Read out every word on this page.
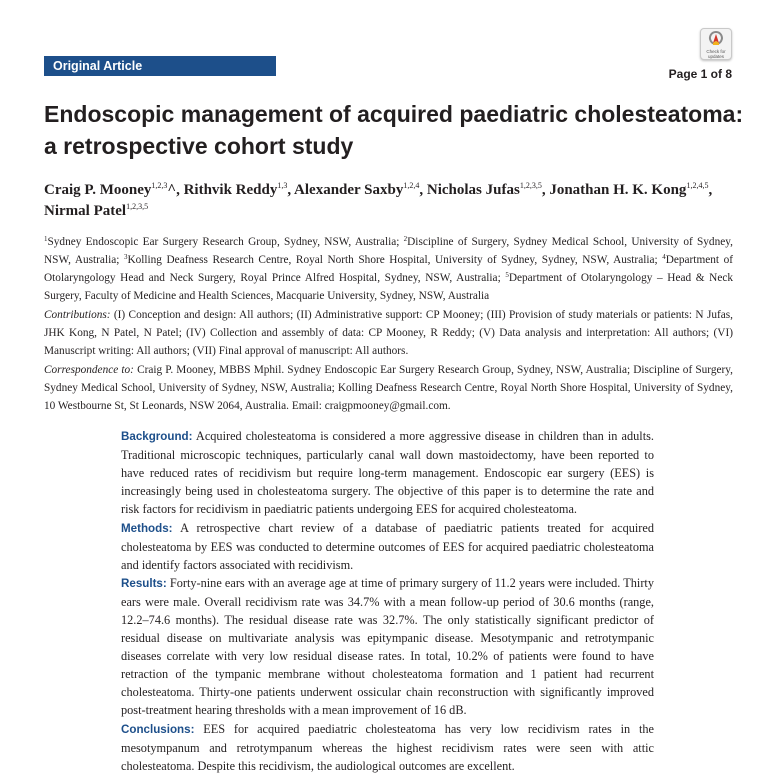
Original Article
Check for updates
Page 1 of 8
Endoscopic management of acquired paediatric cholesteatoma:
a retrospective cohort study
Craig P. Mooney$^{1,2,3}$^, Rithvik Reddy$^{1,3}$, Alexander Saxby$^{1,2,4}$, Nicholas Jufas$^{1,2,3,5}$, Jonathan H. K. Kong$^{1,2,4,5}$,
Nirmal Patel$^{1,2,3,5}$

$^1$Sydney Endoscopic Ear Surgery Research Group, Sydney, NSW, Australia; $^2$Discipline of Surgery, Sydney Medical School, University of Sydney, NSW, Australia; $^3$Kolling Deafness Research Centre, Royal North Shore Hospital, University of Sydney, Sydney, NSW, Australia; $^4$Department of Otolaryngology Head and Neck Surgery, Royal Prince Alfred Hospital, Sydney, NSW, Australia; $^5$Department of Otolaryngology – Head & Neck Surgery, Faculty of Medicine and Health Sciences, Macquarie University, Sydney, NSW, Australia

Contributions: (I) Conception and design: All authors; (II) Administrative support: CP Mooney; (III) Provision of study materials or patients: N Jufas, JHK Kong, N Patel, N Patel; (IV) Collection and assembly of data: CP Mooney, R Reddy; (V) Data analysis and interpretation: All authors; (VI) Manuscript writing: All authors; (VII) Final approval of manuscript: All authors.

Correspondence to: Craig P. Mooney, MBBS Mphil. Sydney Endoscopic Ear Surgery Research Group, Sydney, NSW, Australia; Discipline of Surgery, Sydney Medical School, University of Sydney, NSW, Australia; Kolling Deafness Research Centre, Royal North Shore Hospital, University of Sydney, 10 Westbourne St, St Leonards, NSW 2064, Australia. Email: craigpmooney@gmail.com.

Background: Acquired cholesteatoma is considered a more aggressive disease in children than in adults. Traditional microscopic techniques, particularly canal wall down mastoidectomy, have been reported to have reduced rates of recidivism but require long-term management. Endoscopic ear surgery (EES) is increasingly being used in cholesteatoma surgery. The objective of this paper is to determine the rate and risk factors for recidivism in paediatric patients undergoing EES for acquired cholesteatoma.

Methods: A retrospective chart review of a database of paediatric patients treated for acquired cholesteatoma by EES was conducted to determine outcomes of EES for acquired paediatric cholesteatoma and identify factors associated with recidivism.

Results: Forty-nine ears with an average age at time of primary surgery of 11.2 years were included. Thirty ears were male. Overall recidivism rate was 34.7% with a mean follow-up period of 30.6 months (range, 12.2–74.6 months). The residual disease rate was 32.7%. The only statistically significant predictor of residual disease on multivariate analysis was epitympanic disease. Mesotympanic and retrotympanic diseases correlate with very low residual disease rates. In total, 10.2% of patients were found to have retraction of the tympanic membrane without cholesteatoma formation and 1 patient had recurrent cholesteatoma. Thirty-one patients underwent ossicular chain reconstruction with significantly improved post-treatment hearing thresholds with a mean improvement of 16 dB.

Conclusions: EES for acquired paediatric cholesteatoma has very low recidivism rates in the mesotympanum and retrotympanum whereas the highest recidivism rates were seen with attic cholesteatoma. Despite this recidivism, the audiological outcomes are excellent.
